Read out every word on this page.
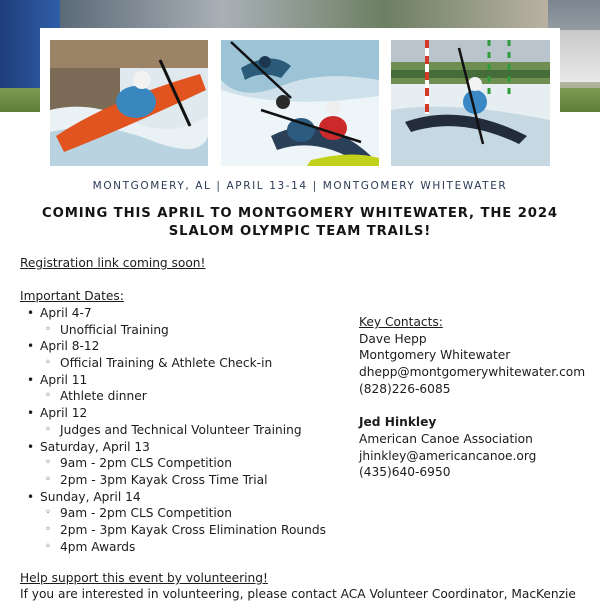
MONTGOMERY, AL | APRIL 13-14 | MONTGOMERY WHITEWATER
COMING THIS APRIL TO MONTGOMERY WHITEWATER, THE 2024
SLALOM OLYMPIC TEAM TRAILS!
Registration link coming soon!
Important Dates:
• April 4-7
◦ Unofficial Training
• April 8-12
◦ Official Training & Athlete Check-in
• April 11
◦ Athlete dinner
• April 12
◦ Judges and Technical Volunteer Training
• Saturday, April 13
◦ 9am - 2pm CLS Competition
◦ 2pm - 3pm Kayak Cross Time Trial
• Sunday, April 14
◦ 9am - 2pm CLS Competition
◦ 2pm - 3pm Kayak Cross Elimination Rounds
◦ 4pm Awards
Key Contacts:
Dave Hepp
Montgomery Whitewater
dhepp@montgomerywhitewater.com
(828)226-6085
Jed Hinkley
American Canoe Association
jhinkley@americancanoe.org
(435)640-6950
Help support this event by volunteering!
If you are interested in volunteering, please contact ACA Volunteer Coordinator, MacKenzie
